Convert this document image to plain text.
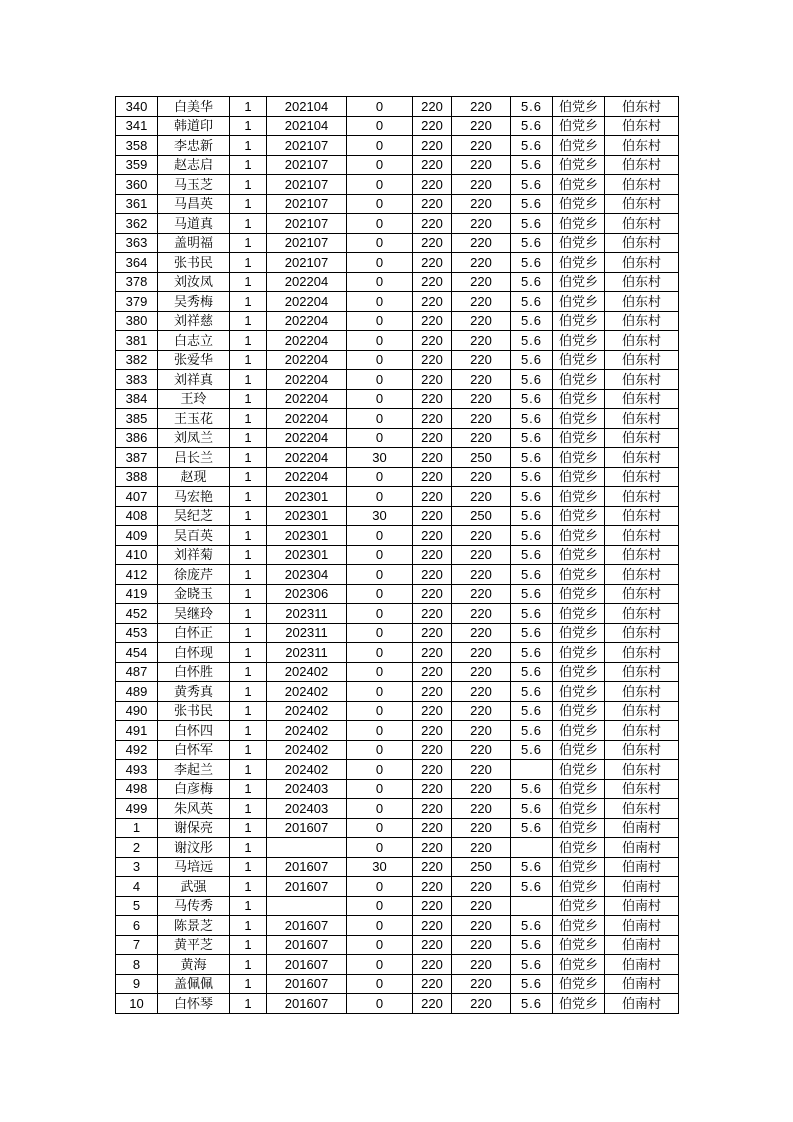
340	白美华	1	202104	0	220	220	5.6	伯党乡	伯东村
341	韩道印	1	202104	0	220	220	5.6	伯党乡	伯东村
358	李忠新	1	202107	0	220	220	5.6	伯党乡	伯东村
359	赵志启	1	202107	0	220	220	5.6	伯党乡	伯东村
360	马玉芝	1	202107	0	220	220	5.6	伯党乡	伯东村
361	马昌英	1	202107	0	220	220	5.6	伯党乡	伯东村
362	马道真	1	202107	0	220	220	5.6	伯党乡	伯东村
363	盖明福	1	202107	0	220	220	5.6	伯党乡	伯东村
364	张书民	1	202107	0	220	220	5.6	伯党乡	伯东村
378	刘汝凤	1	202204	0	220	220	5.6	伯党乡	伯东村
379	吴秀梅	1	202204	0	220	220	5.6	伯党乡	伯东村
380	刘祥慈	1	202204	0	220	220	5.6	伯党乡	伯东村
381	白志立	1	202204	0	220	220	5.6	伯党乡	伯东村
382	张爱华	1	202204	0	220	220	5.6	伯党乡	伯东村
383	刘祥真	1	202204	0	220	220	5.6	伯党乡	伯东村
384	王玲	1	202204	0	220	220	5.6	伯党乡	伯东村
385	王玉花	1	202204	0	220	220	5.6	伯党乡	伯东村
386	刘凤兰	1	202204	0	220	220	5.6	伯党乡	伯东村
387	吕长兰	1	202204	30	220	250	5.6	伯党乡	伯东村
388	赵现	1	202204	0	220	220	5.6	伯党乡	伯东村
407	马宏艳	1	202301	0	220	220	5.6	伯党乡	伯东村
408	吴纪芝	1	202301	30	220	250	5.6	伯党乡	伯东村
409	吴百英	1	202301	0	220	220	5.6	伯党乡	伯东村
410	刘祥菊	1	202301	0	220	220	5.6	伯党乡	伯东村
412	徐庞芹	1	202304	0	220	220	5.6	伯党乡	伯东村
419	金晓玉	1	202306	0	220	220	5.6	伯党乡	伯东村
452	吴继玲	1	202311	0	220	220	5.6	伯党乡	伯东村
453	白怀正	1	202311	0	220	220	5.6	伯党乡	伯东村
454	白怀现	1	202311	0	220	220	5.6	伯党乡	伯东村
487	白怀胜	1	202402	0	220	220	5.6	伯党乡	伯东村
489	黄秀真	1	202402	0	220	220	5.6	伯党乡	伯东村
490	张书民	1	202402	0	220	220	5.6	伯党乡	伯东村
491	白怀四	1	202402	0	220	220	5.6	伯党乡	伯东村
492	白怀军	1	202402	0	220	220	5.6	伯党乡	伯东村
493	李起兰	1	202402	0	220	220		伯党乡	伯东村
498	白彦梅	1	202403	0	220	220	5.6	伯党乡	伯东村
499	朱风英	1	202403	0	220	220	5.6	伯党乡	伯东村
1	谢保亮	1	201607	0	220	220	5.6	伯党乡	伯南村
2	谢汶彤	1		0	220	220		伯党乡	伯南村
3	马培远	1	201607	30	220	250	5.6	伯党乡	伯南村
4	武强	1	201607	0	220	220	5.6	伯党乡	伯南村
5	马传秀	1		0	220	220		伯党乡	伯南村
6	陈景芝	1	201607	0	220	220	5.6	伯党乡	伯南村
7	黄平芝	1	201607	0	220	220	5.6	伯党乡	伯南村
8	黄海	1	201607	0	220	220	5.6	伯党乡	伯南村
9	盖佩佩	1	201607	0	220	220	5.6	伯党乡	伯南村
10	白怀琴	1	201607	0	220	220	5.6	伯党乡	伯南村
